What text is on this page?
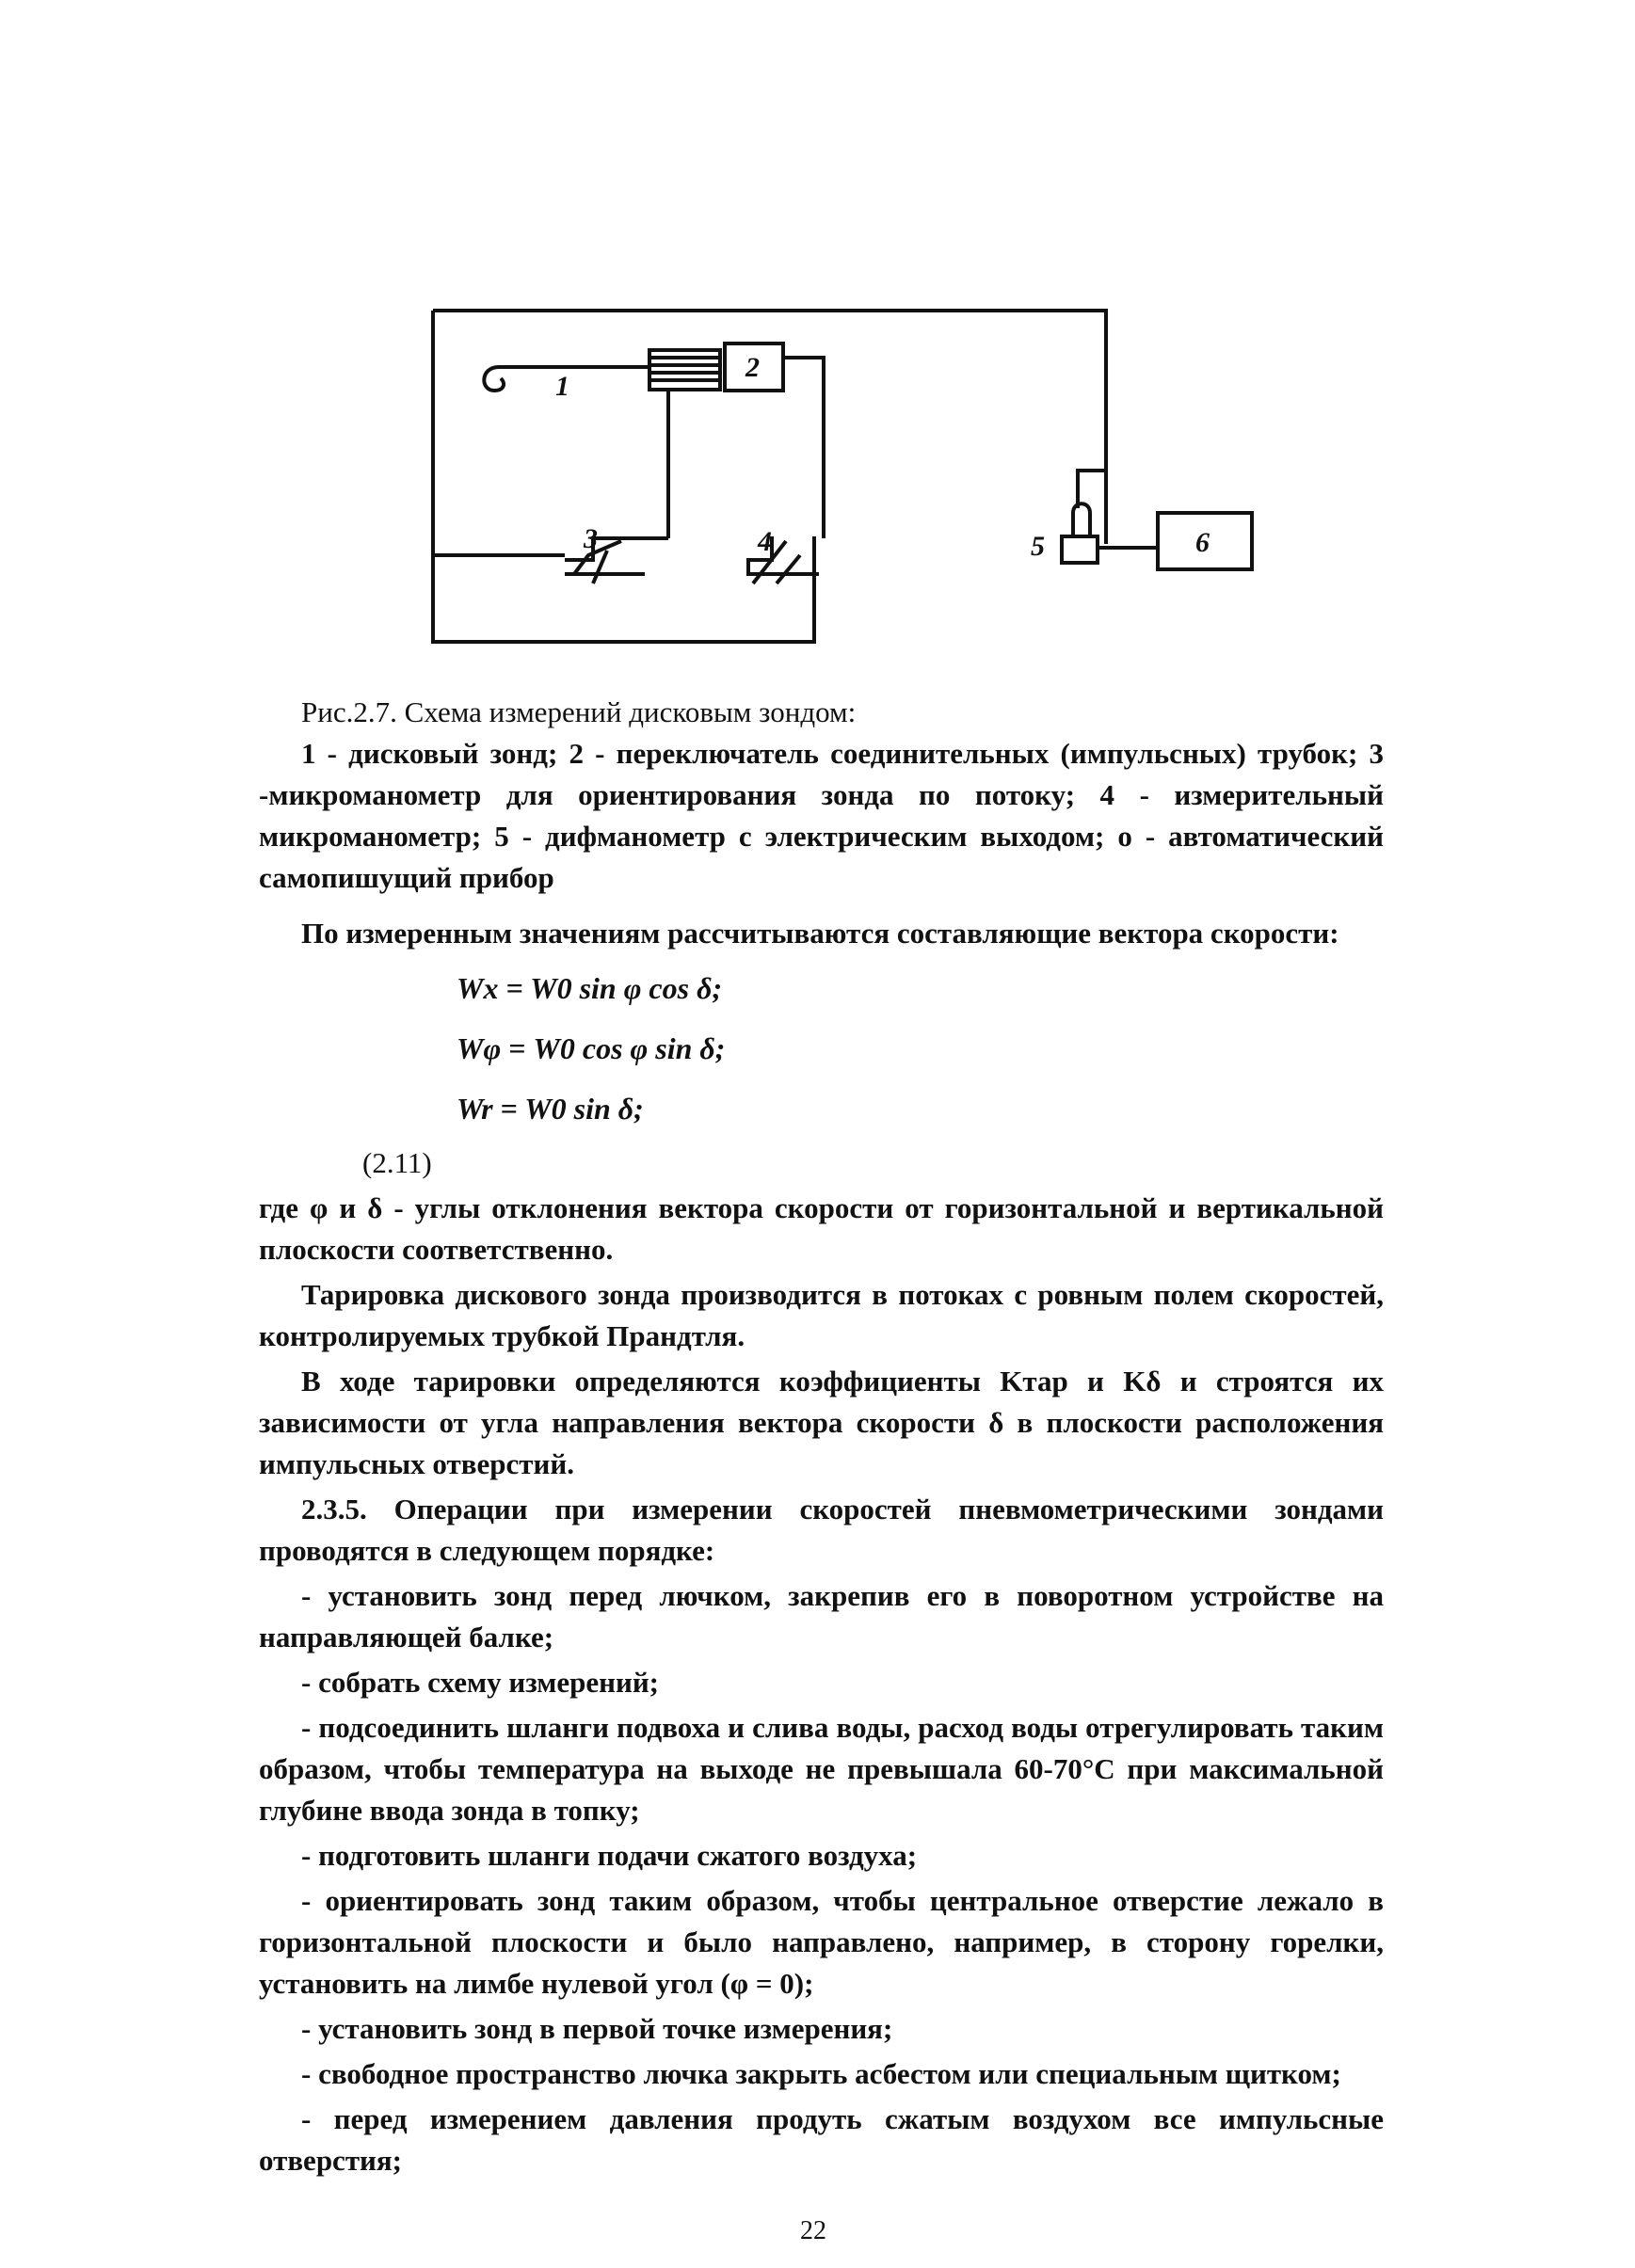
1
2
3	4	5	6
Рис.2.7. Схема измерений дисковым зондом:
1 - дисковый зонд; 2 - переключатель соединительных (импульсных) трубок; 3 -микроманометр для ориентирования зонда по потоку; 4 - измерительный микроманометр; 5 - дифманометр с электрическим выходом; о - автоматический самопишущий прибор
По измеренным значениям рассчитываются составляющие вектора скорости:
Wx = W0 sin φ cos δ;
Wφ = W0 cos φ sin δ;
Wr = W0 sin δ;
(2.11)
где φ и δ - углы отклонения вектора скорости от горизонтальной и вертикальной плоскости соответственно.
Тарировка дискового зонда производится в потоках с ровным полем скоростей, контролируемых трубкой Прандтля.
В ходе тарировки определяются коэффициенты Kтар и Kδ и строятся их зависимости от угла направления вектора скорости δ в плоскости расположения импульсных отверстий.
2.3.5. Операции при измерении скоростей пневмометрическими зондами проводятся в следующем порядке:
- установить зонд перед лючком, закрепив его в поворотном устройстве на направляющей балке;
- собрать схему измерений;
- подсоединить шланги подвоха и слива воды, расход воды отрегулировать таким образом, чтобы температура на выходе не превышала 60-70°С при максимальной глубине ввода зонда в топку;
- подготовить шланги подачи сжатого воздуха;
- ориентировать зонд таким образом, чтобы центральное отверстие лежало в горизонтальной плоскости и было направлено, например, в сторону горелки, установить на лимбе нулевой угол (φ = 0);
- установить зонд в первой точке измерения;
- свободное пространство лючка закрыть асбестом или специальным щитком;
- перед измерением давления продуть сжатым воздухом все импульсные отверстия;
22
